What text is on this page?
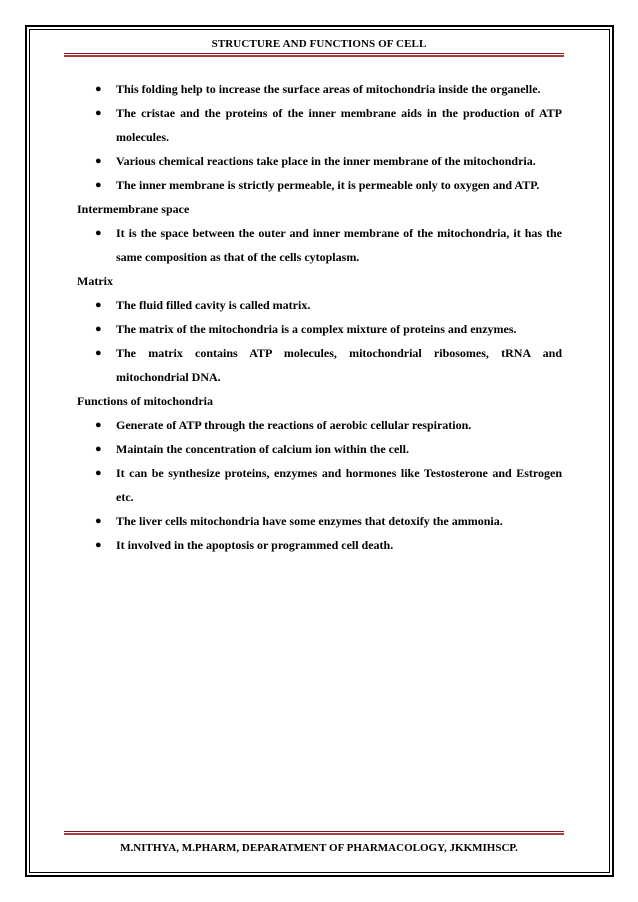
STRUCTURE AND FUNCTIONS OF CELL
● This folding help to increase the surface areas of mitochondria inside the organelle.
● The cristae and the proteins of the inner membrane aids in the production of ATP molecules.
● Various chemical reactions take place in the inner membrane of the mitochondria.
● The inner membrane is strictly permeable, it is permeable only to oxygen and ATP.
Intermembrane space
● It is the space between the outer and inner membrane of the mitochondria, it has the same composition as that of the cells cytoplasm.
Matrix
● The fluid filled cavity is called matrix.
● The matrix of the mitochondria is a complex mixture of proteins and enzymes.
● The matrix contains ATP molecules, mitochondrial ribosomes, tRNA and mitochondrial DNA.
Functions of mitochondria
● Generate of ATP through the reactions of aerobic cellular respiration.
● Maintain the concentration of calcium ion within the cell.
● It can be synthesize proteins, enzymes and hormones like Testosterone and Estrogen etc.
● The liver cells mitochondria have some enzymes that detoxify the ammonia.
● It involved in the apoptosis or programmed cell death.
M.NITHYA, M.PHARM, DEPARATMENT OF PHARMACOLOGY, JKKMIHSCP.
